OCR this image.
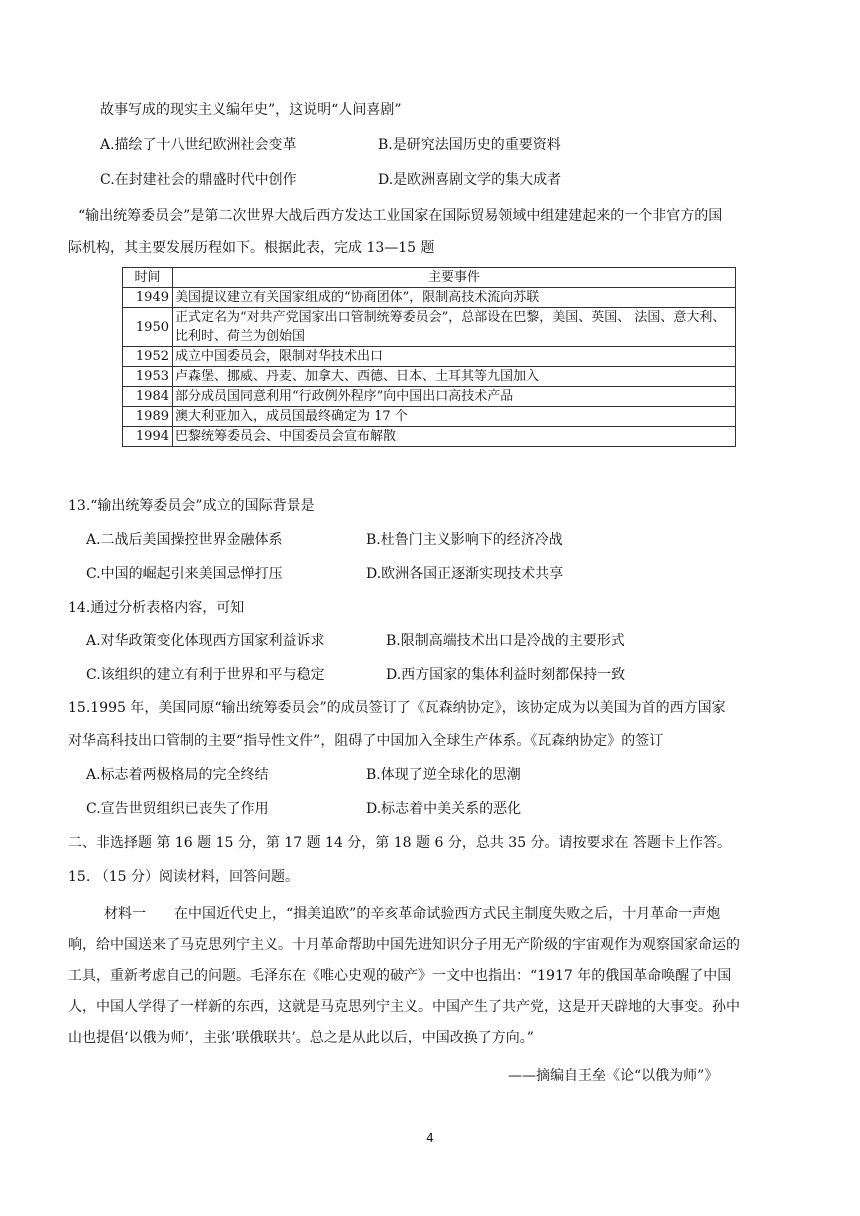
故事写成的现实主义编年史”，这说明“人间喜剧”
A.描绘了十八世纪欧洲社会变革	B.是研究法国历史的重要资料
C.在封建社会的鼎盛时代中创作	D.是欧洲喜剧文学的集大成者
“输出统筹委员会”是第二次世界大战后西方发达工业国家在国际贸易领域中组建建起来的一个非官方的国
际机构，其主要发展历程如下。根据此表，完成 13—15 题
时间	主要事件
1949	美国提议建立有关国家组成的“协商团体”，限制高技术流向苏联
1950	正式定名为“对共产党国家出口管制统筹委员会”，总部设在巴黎，美国、英国、 法国、意大利、比利时、荷兰为创始国
1952	成立中国委员会，限制对华技术出口
1953	卢森堡、挪威、丹麦、加拿大、西德、日本、土耳其等九国加入
1984	部分成员国同意利用“行政例外程序”向中国出口高技术产品
1989	澳大利亚加入，成员国最终确定为 17 个
1994	巴黎统筹委员会、中国委员会宣布解散
13.“输出统筹委员会”成立的国际背景是
A.二战后美国操控世界金融体系	B.杜鲁门主义影响下的经济冷战
C.中国的崛起引来美国忌惮打压	D.欧洲各国正逐渐实现技术共享
14.通过分析表格内容，可知
A.对华政策变化体现西方国家利益诉求	B.限制高端技术出口是冷战的主要形式
C.该组织的建立有利于世界和平与稳定	D.西方国家的集体利益时刻都保持一致
15.1995 年，美国同原“输出统筹委员会”的成员签订了《瓦森纳协定》，该协定成为以美国为首的西方国家
对华高科技出口管制的主要“指导性文件”，阻碍了中国加入全球生产体系。《瓦森纳协定》的签订
A.标志着两极格局的完全终结	B.体现了逆全球化的思潮
C.宣告世贸组织已丧失了作用	D.标志着中美关系的恶化
二、非选择题 第 16 题 15 分，第 17 题 14 分，第 18 题 6 分，总共 35 分。请按要求在 答题卡上作答。
15. （15 分）阅读材料，回答问题。
材料一　　在中国近代史上，“揖美追欧”的辛亥革命试验西方式民主制度失败之后，十月革命一声炮
响，给中国送来了马克思列宁主义。十月革命帮助中国先进知识分子用无产阶级的宇宙观作为观察国家命运的
工具，重新考虑自己的问题。毛泽东在《唯心史观的破产》一文中也指出：“1917 年的俄国革命唤醒了中国
人，中国人学得了一样新的东西，这就是马克思列宁主义。中国产生了共产党，这是开天辟地的大事变。孙中
山也提倡‘以俄为师’，主张’联俄联共’。总之是从此以后，中国改换了方向。”
——摘编自王垒《论“以俄为师”》
4
